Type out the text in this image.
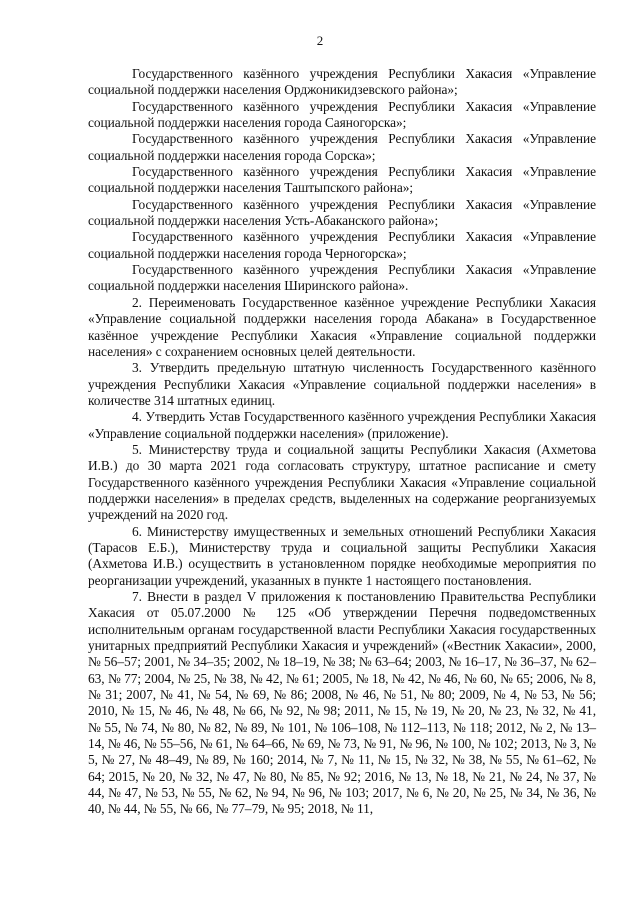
2

Государственного казённого учреждения Республики Хакасия «Управление социальной поддержки населения Орджоникидзевского района»;

Государственного казённого учреждения Республики Хакасия «Управление социальной поддержки населения города Саяногорска»;

Государственного казённого учреждения Республики Хакасия «Управление социальной поддержки населения города Сорска»;

Государственного казённого учреждения Республики Хакасия «Управление социальной поддержки населения Таштыпского района»;

Государственного казённого учреждения Республики Хакасия «Управление социальной поддержки населения Усть-Абаканского района»;

Государственного казённого учреждения Республики Хакасия «Управление социальной поддержки населения города Черногорска»;

Государственного казённого учреждения Республики Хакасия «Управление социальной поддержки населения Ширинского района».

2. Переименовать Государственное казённое учреждение Республики Хакасия «Управление социальной поддержки населения города Абакана» в Государственное казённое учреждение Республики Хакасия «Управление социальной поддержки населения» с сохранением основных целей деятельности.

3. Утвердить предельную штатную численность Государственного казённого учреждения Республики Хакасия «Управление социальной поддержки населения» в количестве 314 штатных единиц.

4. Утвердить Устав Государственного казённого учреждения Республики Хакасия «Управление социальной поддержки населения» (приложение).

5. Министерству труда и социальной защиты Республики Хакасия (Ахметова И.В.) до 30 марта 2021 года согласовать структуру, штатное расписание и смету Государственного казённого учреждения Республики Хакасия «Управление социальной поддержки населения» в пределах средств, выделенных на содержание реорганизуемых учреждений на 2020 год.

6. Министерству имущественных и земельных отношений Республики Хакасия (Тарасов Е.Б.), Министерству труда и социальной защиты Республики Хакасия (Ахметова И.В.) осуществить в установленном порядке необходимые мероприятия по реорганизации учреждений, указанных в пункте 1 настоящего постановления.

7. Внести в раздел V приложения к постановлению Правительства Республики Хакасия от 05.07.2000 № 125 «Об утверждении Перечня подведомственных исполнительным органам государственной власти Республики Хакасия государственных унитарных предприятий Республики Хакасия и учреждений» («Вестник Хакасии», 2000, № 56–57; 2001, № 34–35; 2002, № 18–19, № 38; № 63–64; 2003, № 16–17, № 36–37, № 62–63, № 77; 2004, № 25, № 38, № 42, № 61; 2005, № 18, № 42, № 46, № 60, № 65; 2006, № 8, № 31; 2007, № 41, № 54, № 69, № 86; 2008, № 46, № 51, № 80; 2009, № 4, № 53, № 56; 2010, № 15, № 46, № 48, № 66, № 92, № 98; 2011, № 15, № 19, № 20, № 23, № 32, № 41, № 55, № 74, № 80, № 82, № 89, № 101, № 106–108, № 112–113, № 118; 2012, № 2, № 13–14, № 46, № 55–56, № 61, № 64–66, № 69, № 73, № 91, № 96, № 100, № 102; 2013, № 3, № 5, № 27, № 48–49, № 89, № 160; 2014, № 7, № 11, № 15, № 32, № 38, № 55, № 61–62, № 64; 2015, № 20, № 32, № 47, № 80, № 85, № 92; 2016, № 13, № 18, № 21, № 24, № 37, № 44, № 47, № 53, № 55, № 62, № 94, № 96, № 103; 2017, № 6, № 20, № 25, № 34, № 36, № 40, № 44, № 55, № 66, № 77–79, № 95; 2018, № 11,
